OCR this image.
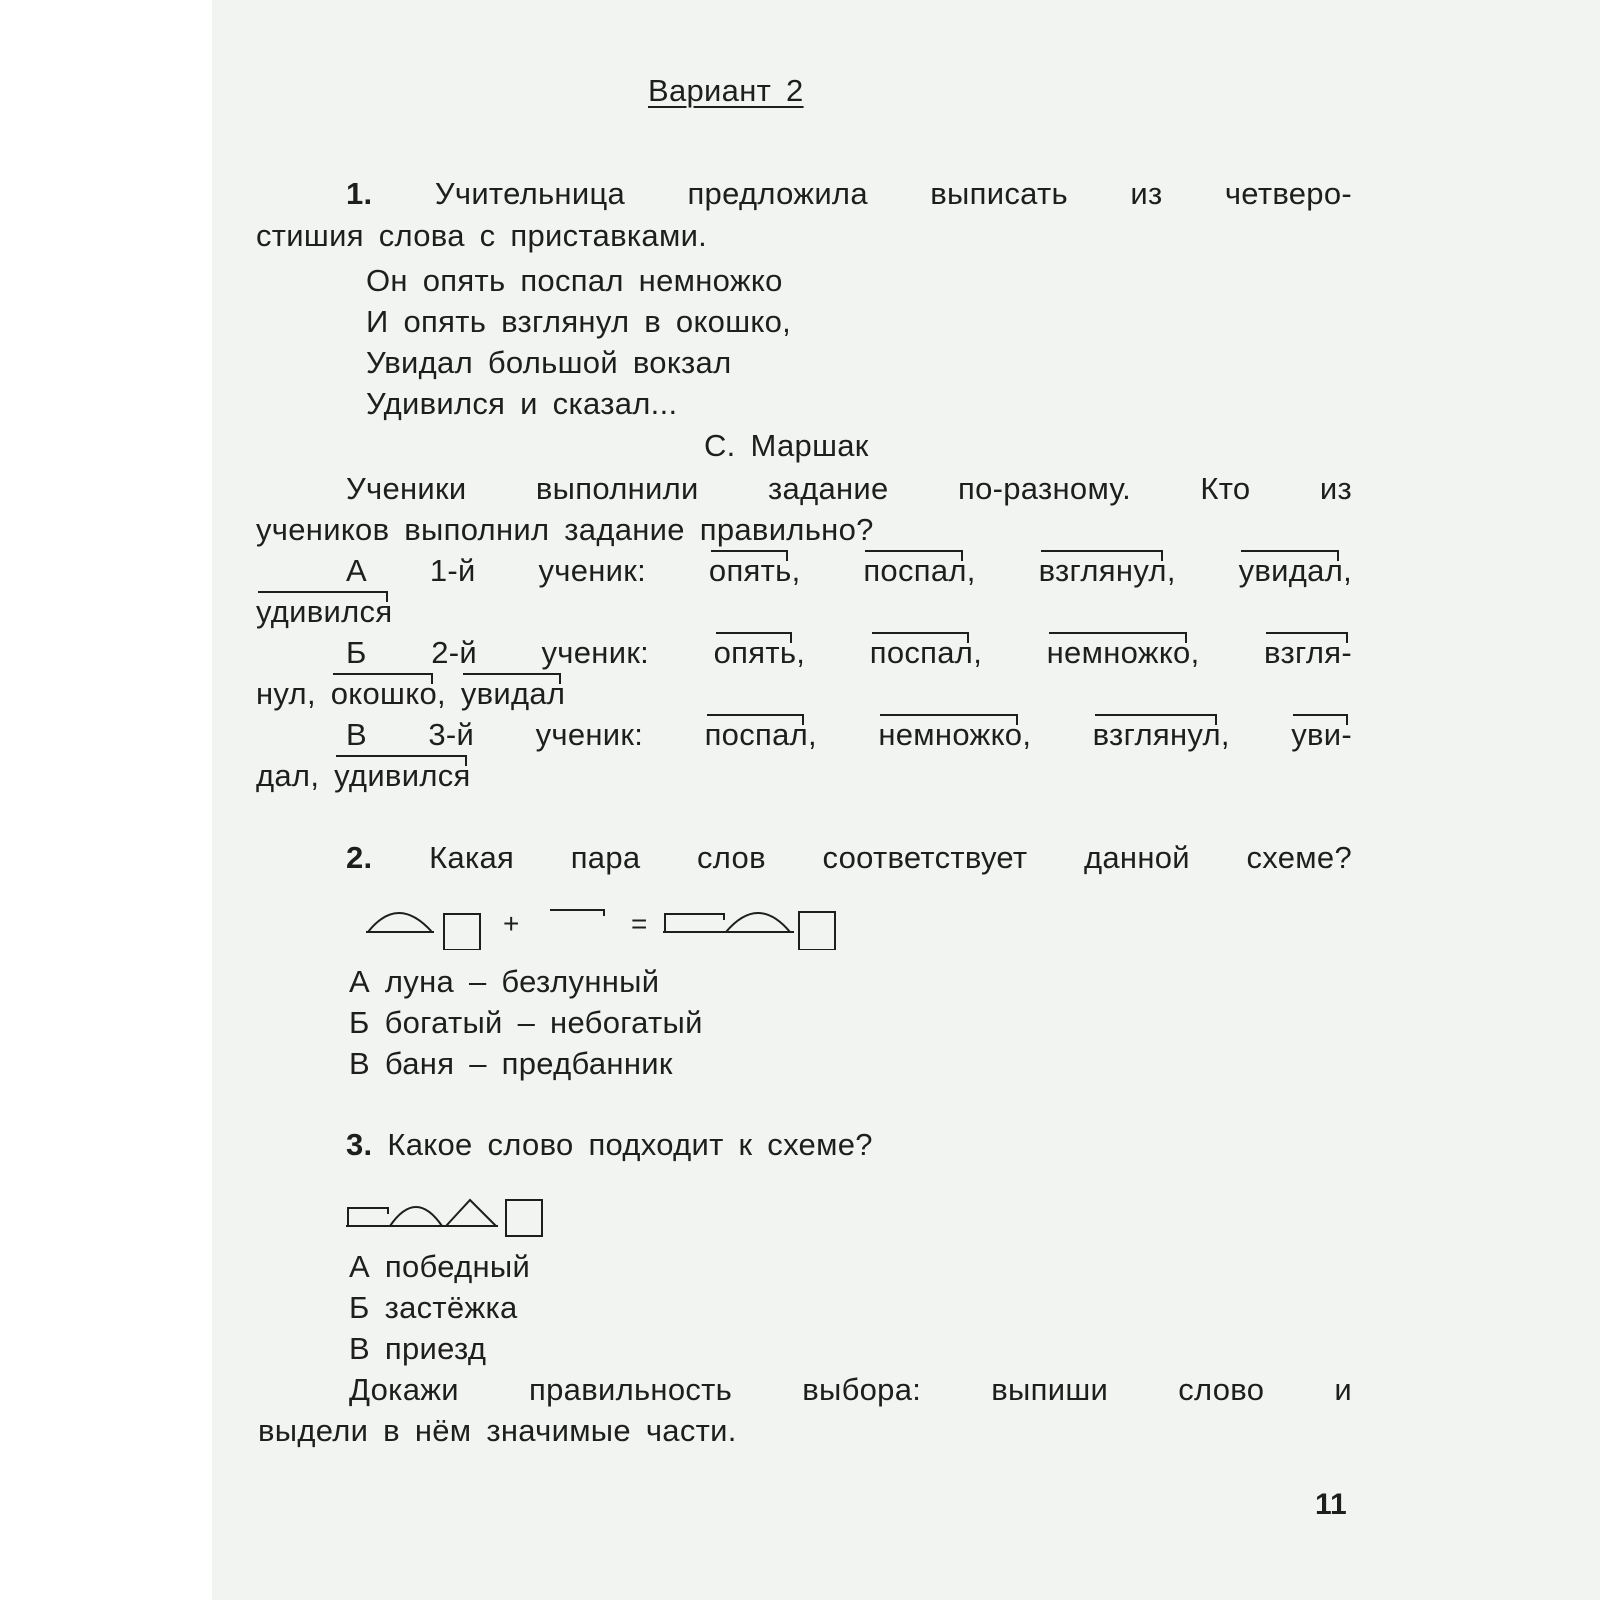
Вариант 2
1. Учительница предложила выписать из четверо-
стишия слова с приставками.
Он опять поспал немножко
И опять взглянул в окошко,
Увидал большой вокзал
Удивился и сказал...
С. Маршак
Ученики выполнили задание по-разному. Кто из
учеников выполнил задание правильно?
А 1-й ученик: опять, поспал, взглянул, увидал,
удивился
Б 2-й ученик: опять, поспал, немножко, взгля-
нул, окошко, увидал
В 3-й ученик: поспал, немножко, взглянул, уви-
дал, удивился
2. Какая пара слов соответствует данной схеме?
+	=
А луна – безлунный
Б богатый – небогатый
В баня – предбанник
3. Какое слово подходит к схеме?
А победный
Б застёжка
В приезд
Докажи правильность выбора: выпиши слово и
выдели в нём значимые части.
11
